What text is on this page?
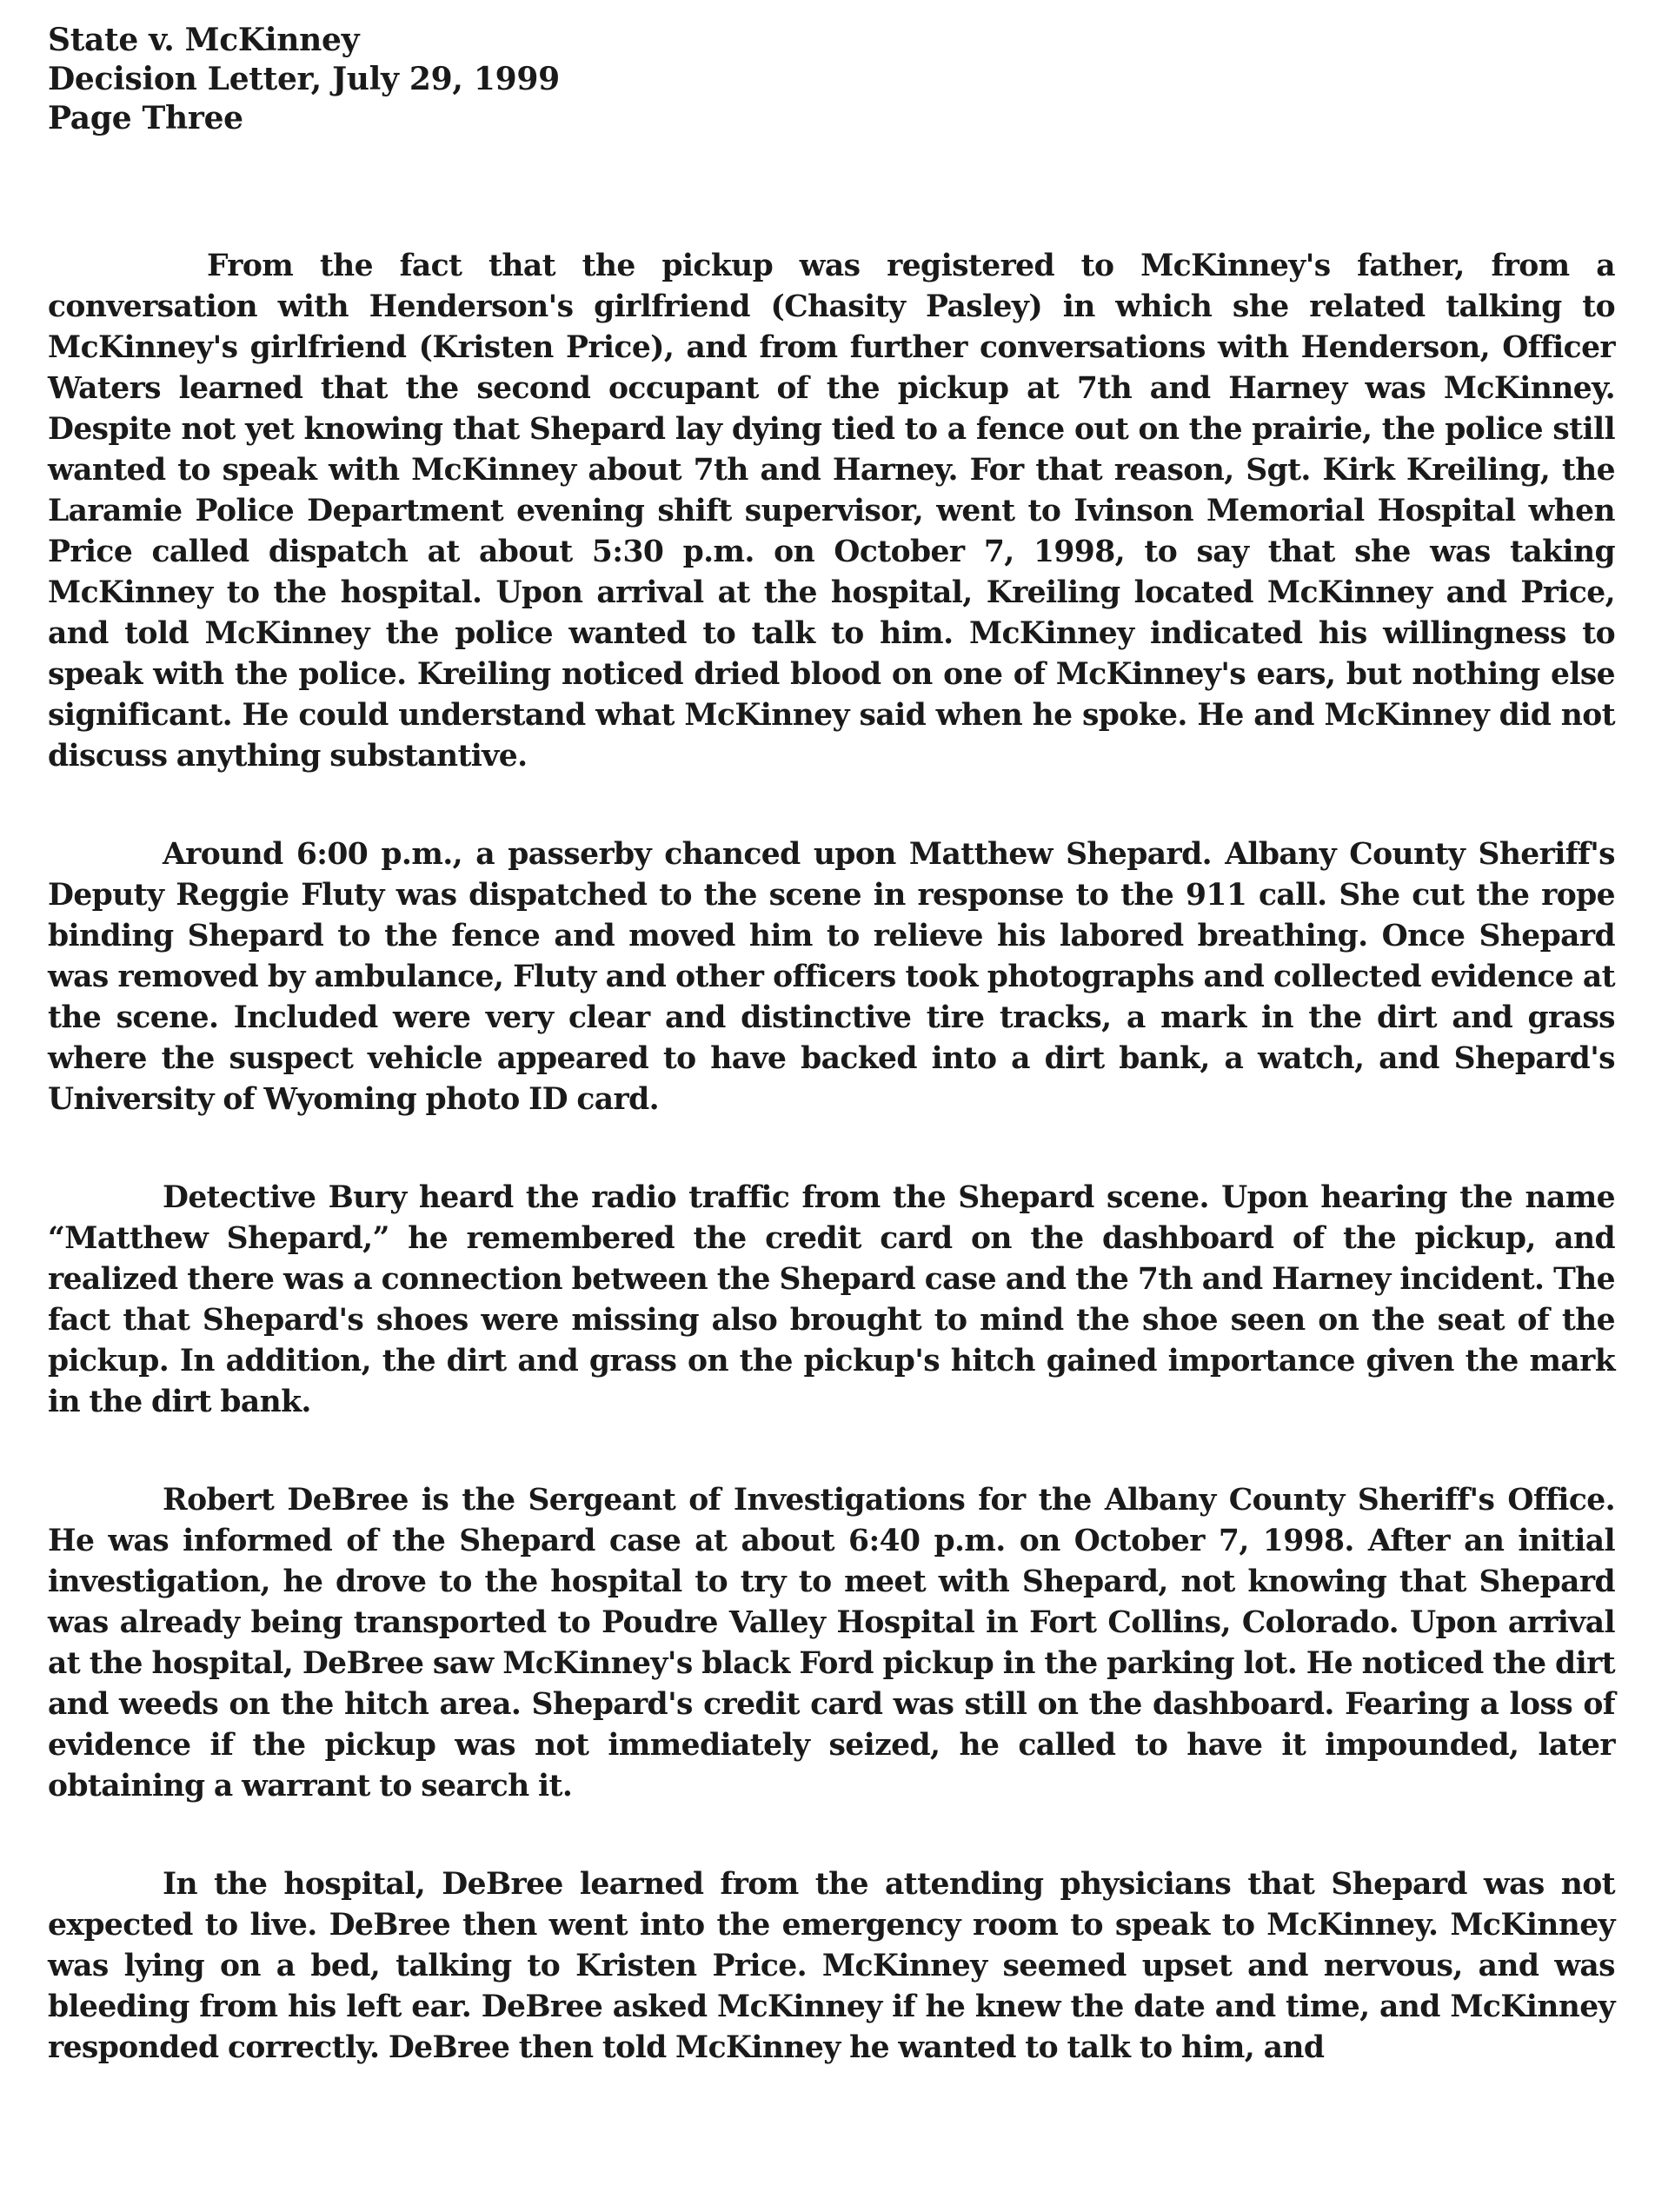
State v. McKinney
Decision Letter, July 29, 1999
Page Three

From the fact that the pickup was registered to McKinney's father, from a conversation with Henderson's girlfriend (Chasity Pasley) in which she related talking to McKinney's girlfriend (Kristen Price), and from further conversations with Henderson, Officer Waters learned that the second occupant of the pickup at 7th and Harney was McKinney. Despite not yet knowing that Shepard lay dying tied to a fence out on the prairie, the police still wanted to speak with McKinney about 7th and Harney. For that reason, Sgt. Kirk Kreiling, the Laramie Police Department evening shift supervisor, went to Ivinson Memorial Hospital when Price called dispatch at about 5:30 p.m. on October 7, 1998, to say that she was taking McKinney to the hospital. Upon arrival at the hospital, Kreiling located McKinney and Price, and told McKinney the police wanted to talk to him. McKinney indicated his willingness to speak with the police. Kreiling noticed dried blood on one of McKinney's ears, but nothing else significant. He could understand what McKinney said when he spoke. He and McKinney did not discuss anything substantive.

Around 6:00 p.m., a passerby chanced upon Matthew Shepard. Albany County Sheriff's Deputy Reggie Fluty was dispatched to the scene in response to the 911 call. She cut the rope binding Shepard to the fence and moved him to relieve his labored breathing. Once Shepard was removed by ambulance, Fluty and other officers took photographs and collected evidence at the scene. Included were very clear and distinctive tire tracks, a mark in the dirt and grass where the suspect vehicle appeared to have backed into a dirt bank, a watch, and Shepard's University of Wyoming photo ID card.

Detective Bury heard the radio traffic from the Shepard scene. Upon hearing the name “Matthew Shepard,” he remembered the credit card on the dashboard of the pickup, and realized there was a connection between the Shepard case and the 7th and Harney incident. The fact that Shepard's shoes were missing also brought to mind the shoe seen on the seat of the pickup. In addition, the dirt and grass on the pickup's hitch gained importance given the mark in the dirt bank.

Robert DeBree is the Sergeant of Investigations for the Albany County Sheriff's Office. He was informed of the Shepard case at about 6:40 p.m. on October 7, 1998. After an initial investigation, he drove to the hospital to try to meet with Shepard, not knowing that Shepard was already being transported to Poudre Valley Hospital in Fort Collins, Colorado. Upon arrival at the hospital, DeBree saw McKinney's black Ford pickup in the parking lot. He noticed the dirt and weeds on the hitch area. Shepard's credit card was still on the dashboard. Fearing a loss of evidence if the pickup was not immediately seized, he called to have it impounded, later obtaining a warrant to search it.

In the hospital, DeBree learned from the attending physicians that Shepard was not expected to live. DeBree then went into the emergency room to speak to McKinney. McKinney was lying on a bed, talking to Kristen Price. McKinney seemed upset and nervous, and was bleeding from his left ear. DeBree asked McKinney if he knew the date and time, and McKinney responded correctly. DeBree then told McKinney he wanted to talk to him, and
